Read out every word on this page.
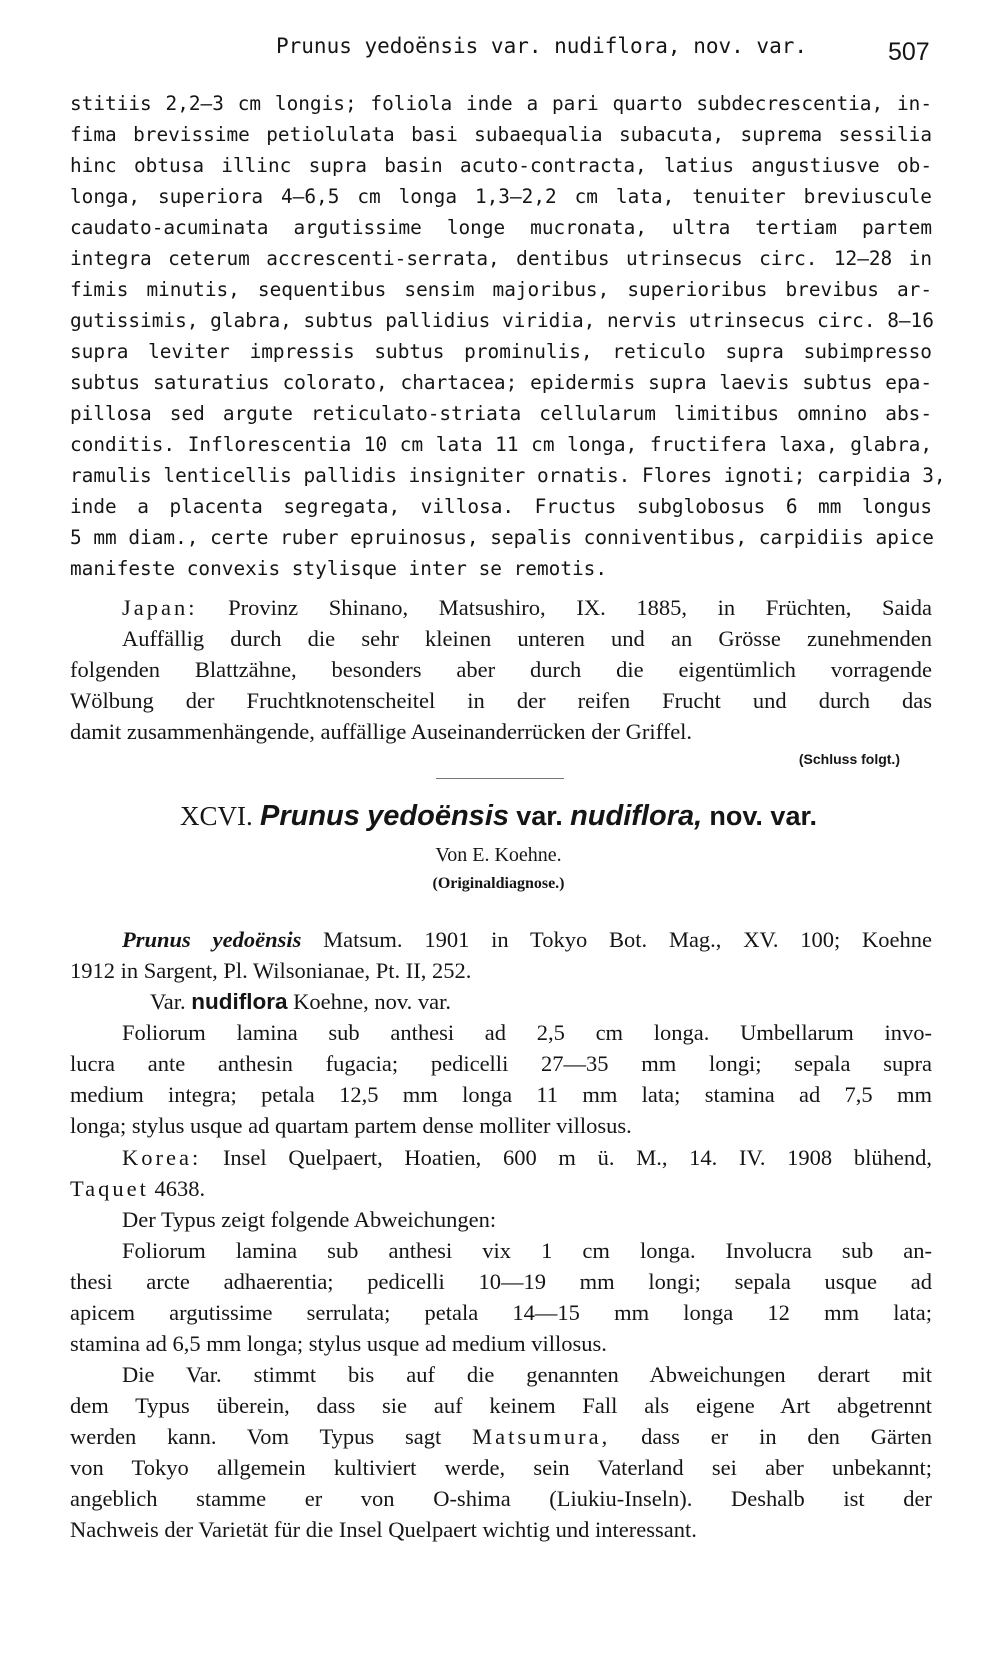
Prunus yedoënsis var. nudiflora, nov. var.	507
stitiis 2,2—3 cm longis; foliola inde a pari quarto subdecrescentia, in-
fima brevissime petiolulata basi subaequalia subacuta, suprema sessilia
hinc obtusa illinc supra basin acuto-contracta, latius angustiusve ob-
longa, superiora 4—6,5 cm longa 1,3—2,2 cm lata, tenuiter breviuscule
caudato-acuminata argutissime longe mucronata, ultra tertiam partem
integra ceterum accrescenti-serrata, dentibus utrinsecus circ. 12—28 in
fimis minutis, sequentibus sensim majoribus, superioribus brevibus ar-
gutissimis, glabra, subtus pallidius viridia, nervis utrinsecus circ. 8—16
supra leviter impressis subtus prominulis, reticulo supra subimpresso
subtus saturatius colorato, chartacea; epidermis supra laevis subtus epa-
pillosa sed argute reticulato-striata cellularum limitibus omnino abs-
conditis. Inflorescentia 10 cm lata 11 cm longa, fructifera laxa, glabra,
ramulis lenticellis pallidis insigniter ornatis. Flores ignoti; carpidia 3,
inde a placenta segregata, villosa. Fructus subglobosus 6 mm longus
5 mm diam., certe ruber epruinosus, sepalis conniventibus, carpidiis apice
manifeste convexis stylisque inter se remotis.
Japan: Provinz Shinano, Matsushiro, IX. 1885, in Früchten, Saida
Auffällig durch die sehr kleinen unteren und an Grösse zunehmenden
folgenden Blattzähne, besonders aber durch die eigentümlich vorragende
Wölbung der Fruchtknotenscheitel in der reifen Frucht und durch das
damit zusammenhängende, auffällige Auseinanderrücken der Griffel.
(Schluss folgt.)
XCVI. Prunus yedoënsis var. nudiflora, nov. var.
Von E. Koehne.
(Originaldiagnose.)
Prunus yedoënsis Matsum. 1901 in Tokyo Bot. Mag., XV. 100; Koehne
1912 in Sargent, Pl. Wilsonianae, Pt. II, 252.
Var. nudiflora Koehne, nov. var.
Foliorum lamina sub anthesi ad 2,5 cm longa. Umbellarum invo-
lucra ante anthesin fugacia; pedicelli 27—35 mm longi; sepala supra
medium integra; petala 12,5 mm longa 11 mm lata; stamina ad 7,5 mm
longa; stylus usque ad quartam partem dense molliter villosus.
Korea: Insel Quelpaert, Hoatien, 600 m ü. M., 14. IV. 1908 blühend,
Taquet 4638.
Der Typus zeigt folgende Abweichungen:
Foliorum lamina sub anthesi vix 1 cm longa. Involucra sub an-
thesi arcte adhaerentia; pedicelli 10—19 mm longi; sepala usque ad
apicem argutissime serrulata; petala 14—15 mm longa 12 mm lata;
stamina ad 6,5 mm longa; stylus usque ad medium villosus.
Die Var. stimmt bis auf die genannten Abweichungen derart mit
dem Typus überein, dass sie auf keinem Fall als eigene Art abgetrennt
werden kann. Vom Typus sagt Matsumura, dass er in den Gärten
von Tokyo allgemein kultiviert werde, sein Vaterland sei aber unbekannt;
angeblich stamme er von O-shima (Liukiu-Inseln). Deshalb ist der
Nachweis der Varietät für die Insel Quelpaert wichtig und interessant.
